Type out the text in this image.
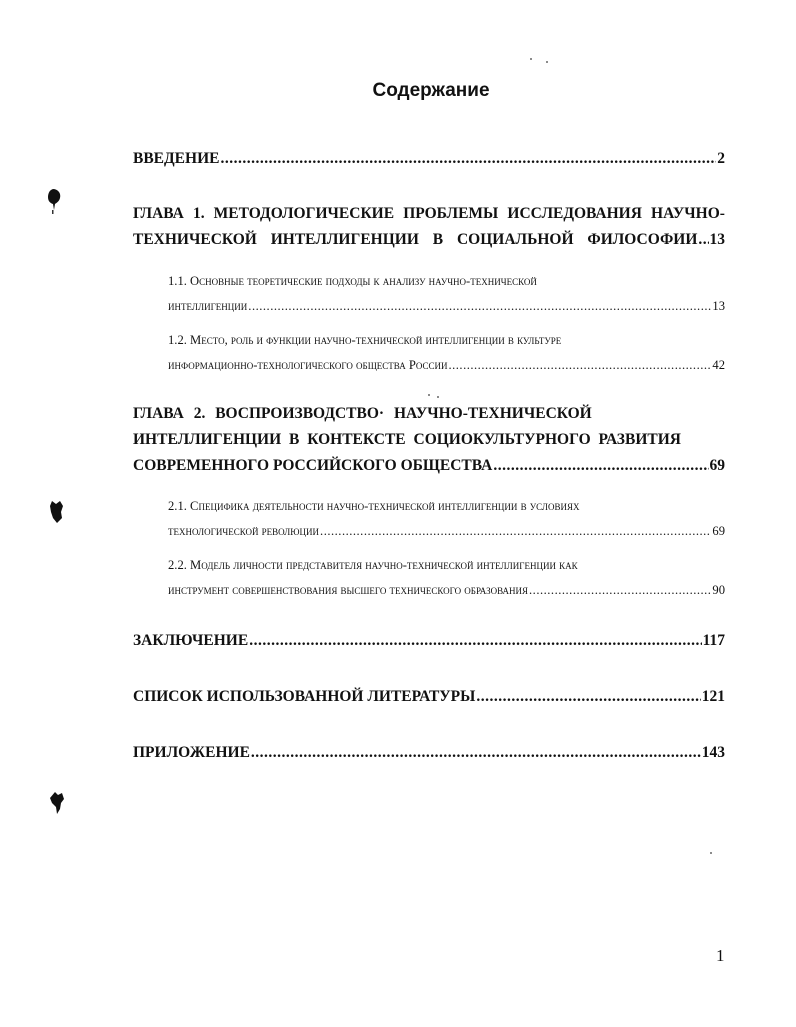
Содержание
ВВЕДЕНИЕ .....	2
ГЛАВА 1. МЕТОДОЛОГИЧЕСКИЕ ПРОБЛЕМЫ ИССЛЕДОВАНИЯ НАУЧНО-
ТЕХНИЧЕСКОЙ ИНТЕЛЛИГЕНЦИИ В СОЦИАЛЬНОЙ ФИЛОСОФИИ ..... 13
1.1.
Основные теоретические подходы к анализу научно-технической
интеллигенции .....	13
1.2.
Место, роль и функции научно-технической интеллигенции в культуре
информационно-технологического общества России .....	42
ГЛАВА 2. ВОСПРОИЗВОДСТВО· НАУЧНО-ТЕХНИЧЕСКОЙ
ИНТЕЛЛИГЕНЦИИ В КОНТЕКСТЕ СОЦИОКУЛЬТУРНОГО РАЗВИТИЯ
СОВРЕМЕННОГО РОССИЙСКОГО ОБЩЕСТВА .....	69
2.1.
Специфика деятельности научно-технической интеллигенции в условиях
технологической революции .....	69
2.2.
Модель личности представителя научно-технической интеллигенции как
инструмент совершенствования высшего технического образования .....	90
ЗАКЛЮЧЕНИЕ .....	117
СПИСОК ИСПОЛЬЗОВАННОЙ ЛИТЕРАТУРЫ .....	121
ПРИЛОЖЕНИЕ .....	143
1
